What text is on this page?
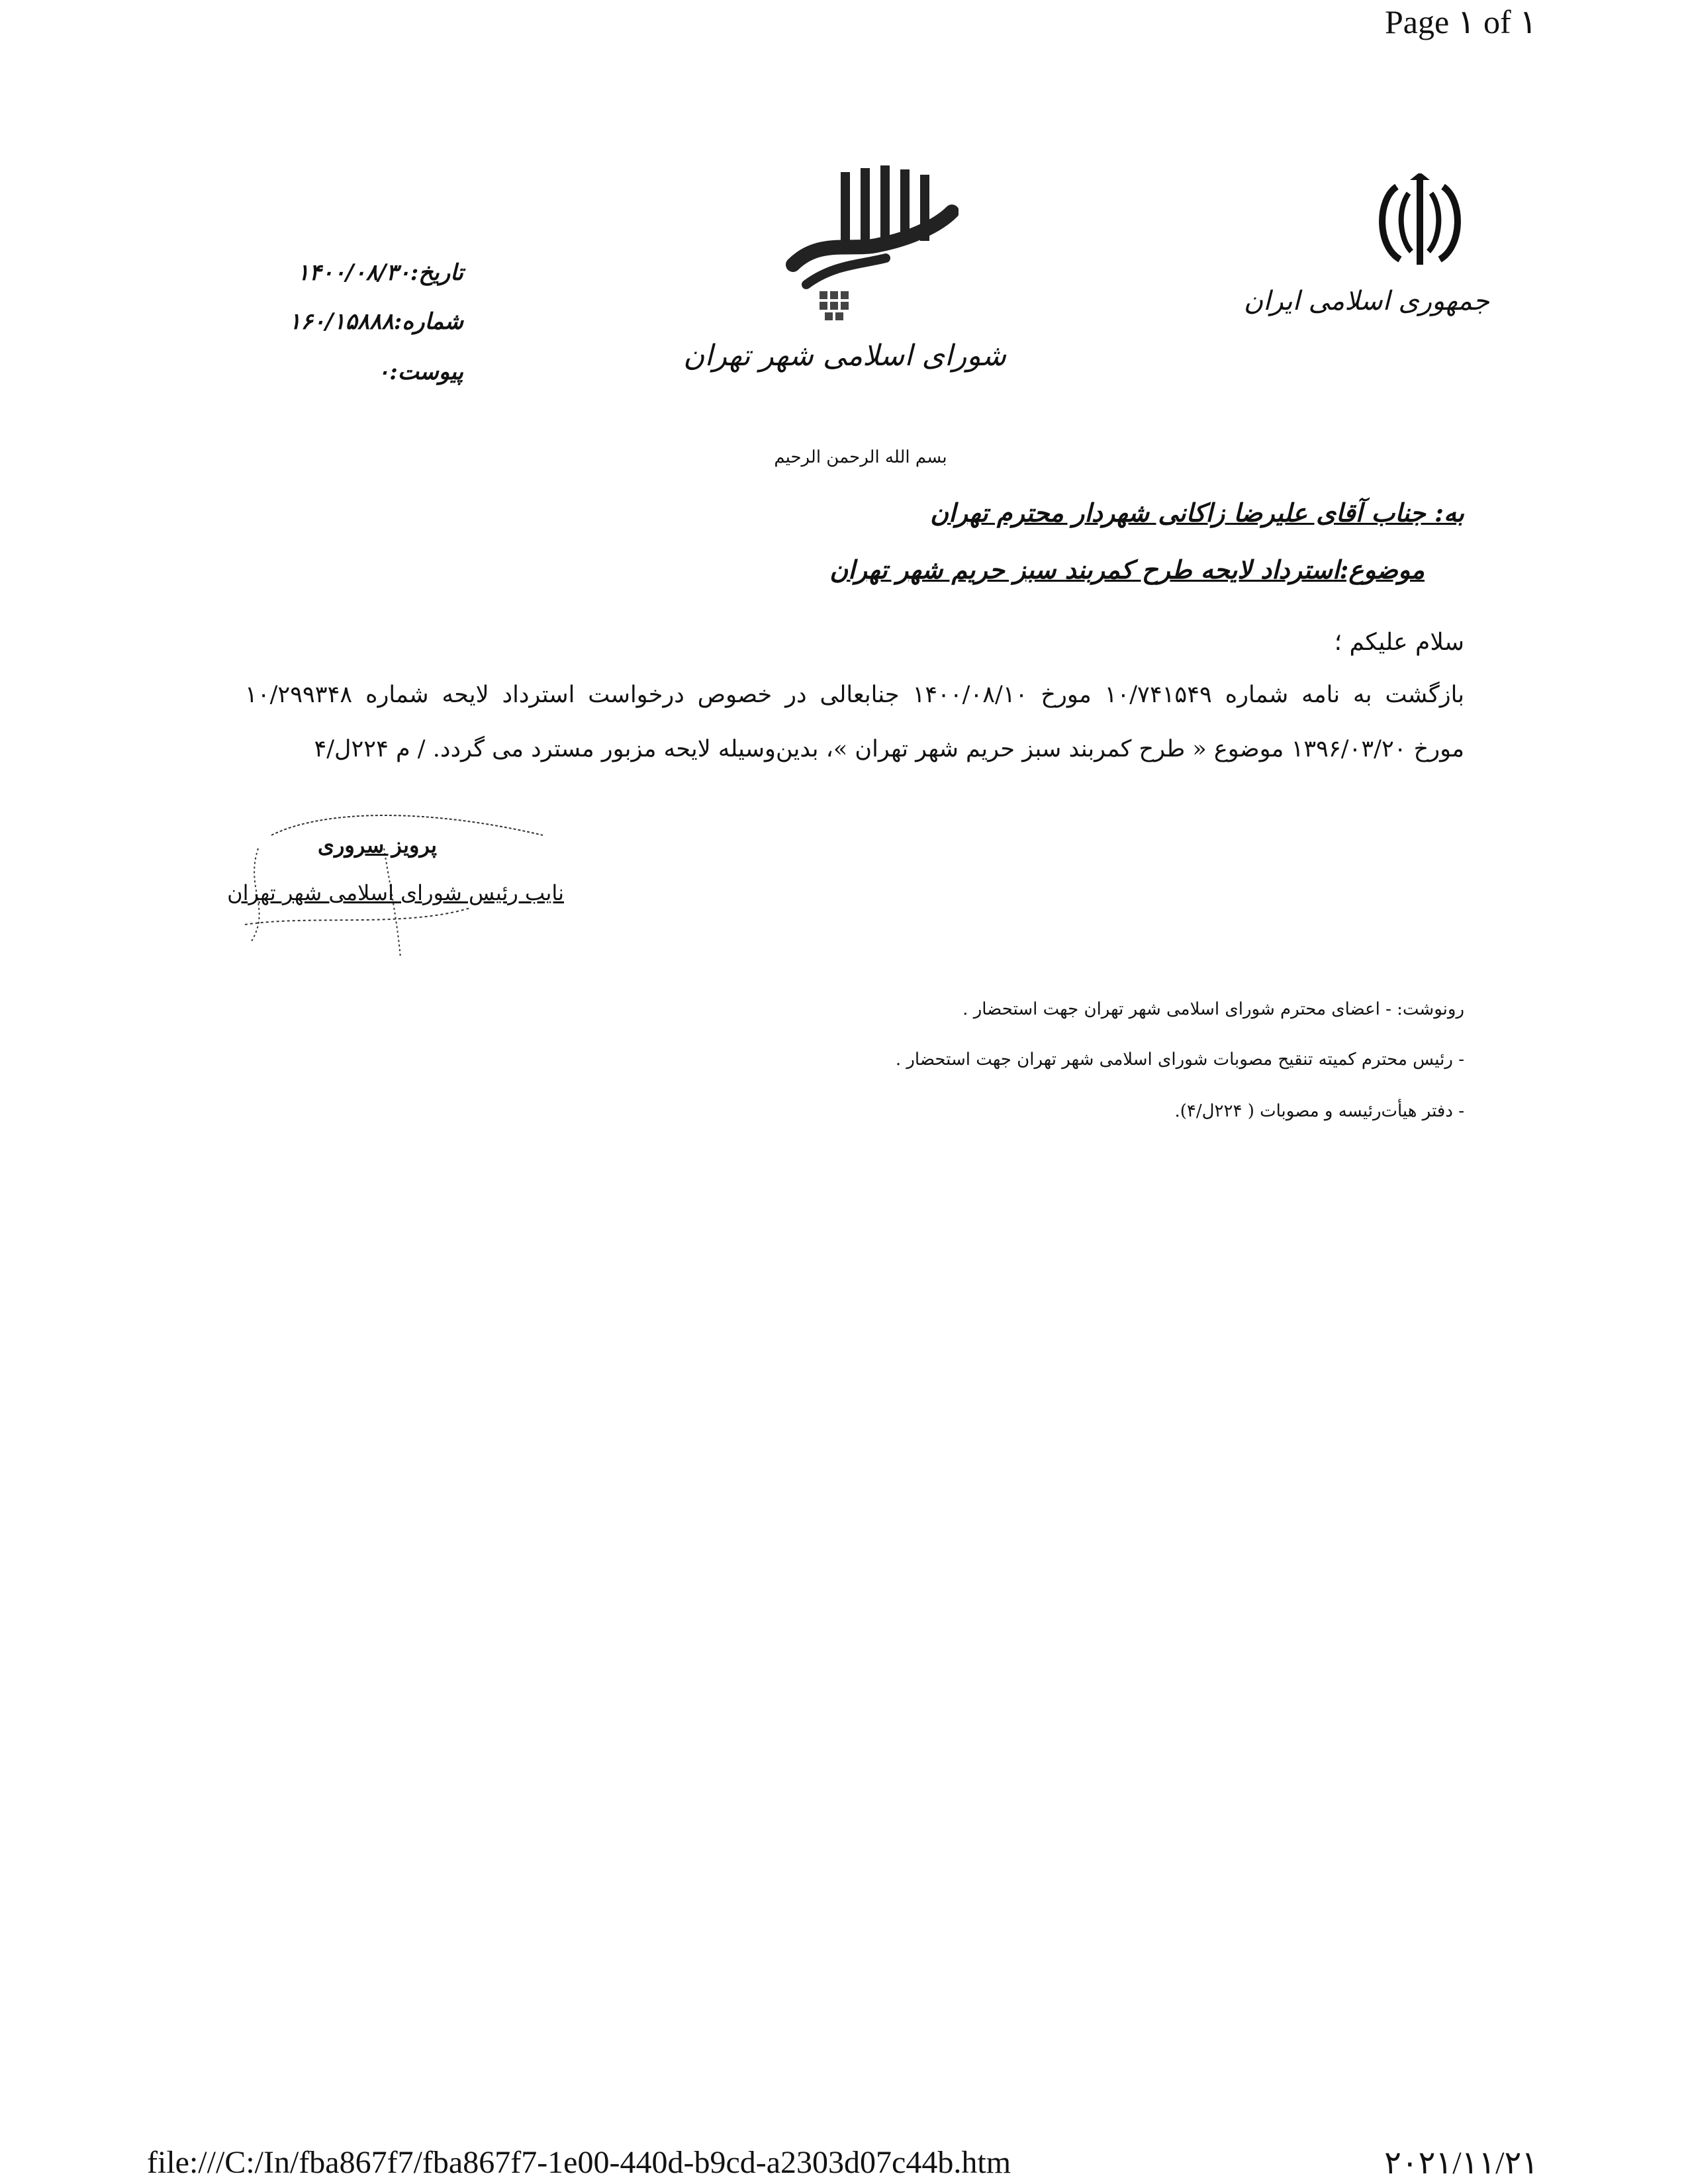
Page ۱ of ۱
جمهوری اسلامی ایران
شورای اسلامی شهر تهران
تاریخ:۱۴۰۰/۰۸/۳۰
شماره:۱۶۰/۱۵۸۸۸
پیوست:۰
بسم الله الرحمن الرحیم
به: جناب آقای علیرضا زاکانی شهردار محترم تهران
موضوع:استرداد لایحه طرح کمربند سبز حریم شهر تهران
سلام علیکم ؛
بازگشت به نامه شماره ۱۰/۷۴۱۵۴۹ مورخ ۱۴۰۰/۰۸/۱۰ جنابعالی در خصوص درخواست استرداد لایحه شماره ۱۰/۲۹۹۳۴۸
مورخ ۱۳۹۶/۰۳/۲۰ موضوع « طرح کمربند سبز حریم شهر تهران »، بدین‌وسیله لایحه مزبور مسترد می گردد. / م ۲۲۴ل/۴
پرویز سروری
نایب رئیس شورای اسلامی شهر تهران
رونوشت: - اعضای محترم شورای اسلامی شهر تهران جهت استحضار .
- رئیس محترم کمیته تنقیح مصوبات شورای اسلامی شهر تهران جهت استحضار .
- دفتر هیأت‌رئیسه و مصوبات ( ۲۲۴ل/۴).
file:///C:/In/fba867f7/fba867f7-1e00-440d-b9cd-a2303d07c44b.htm	۲۰۲۱/۱۱/۲۱
